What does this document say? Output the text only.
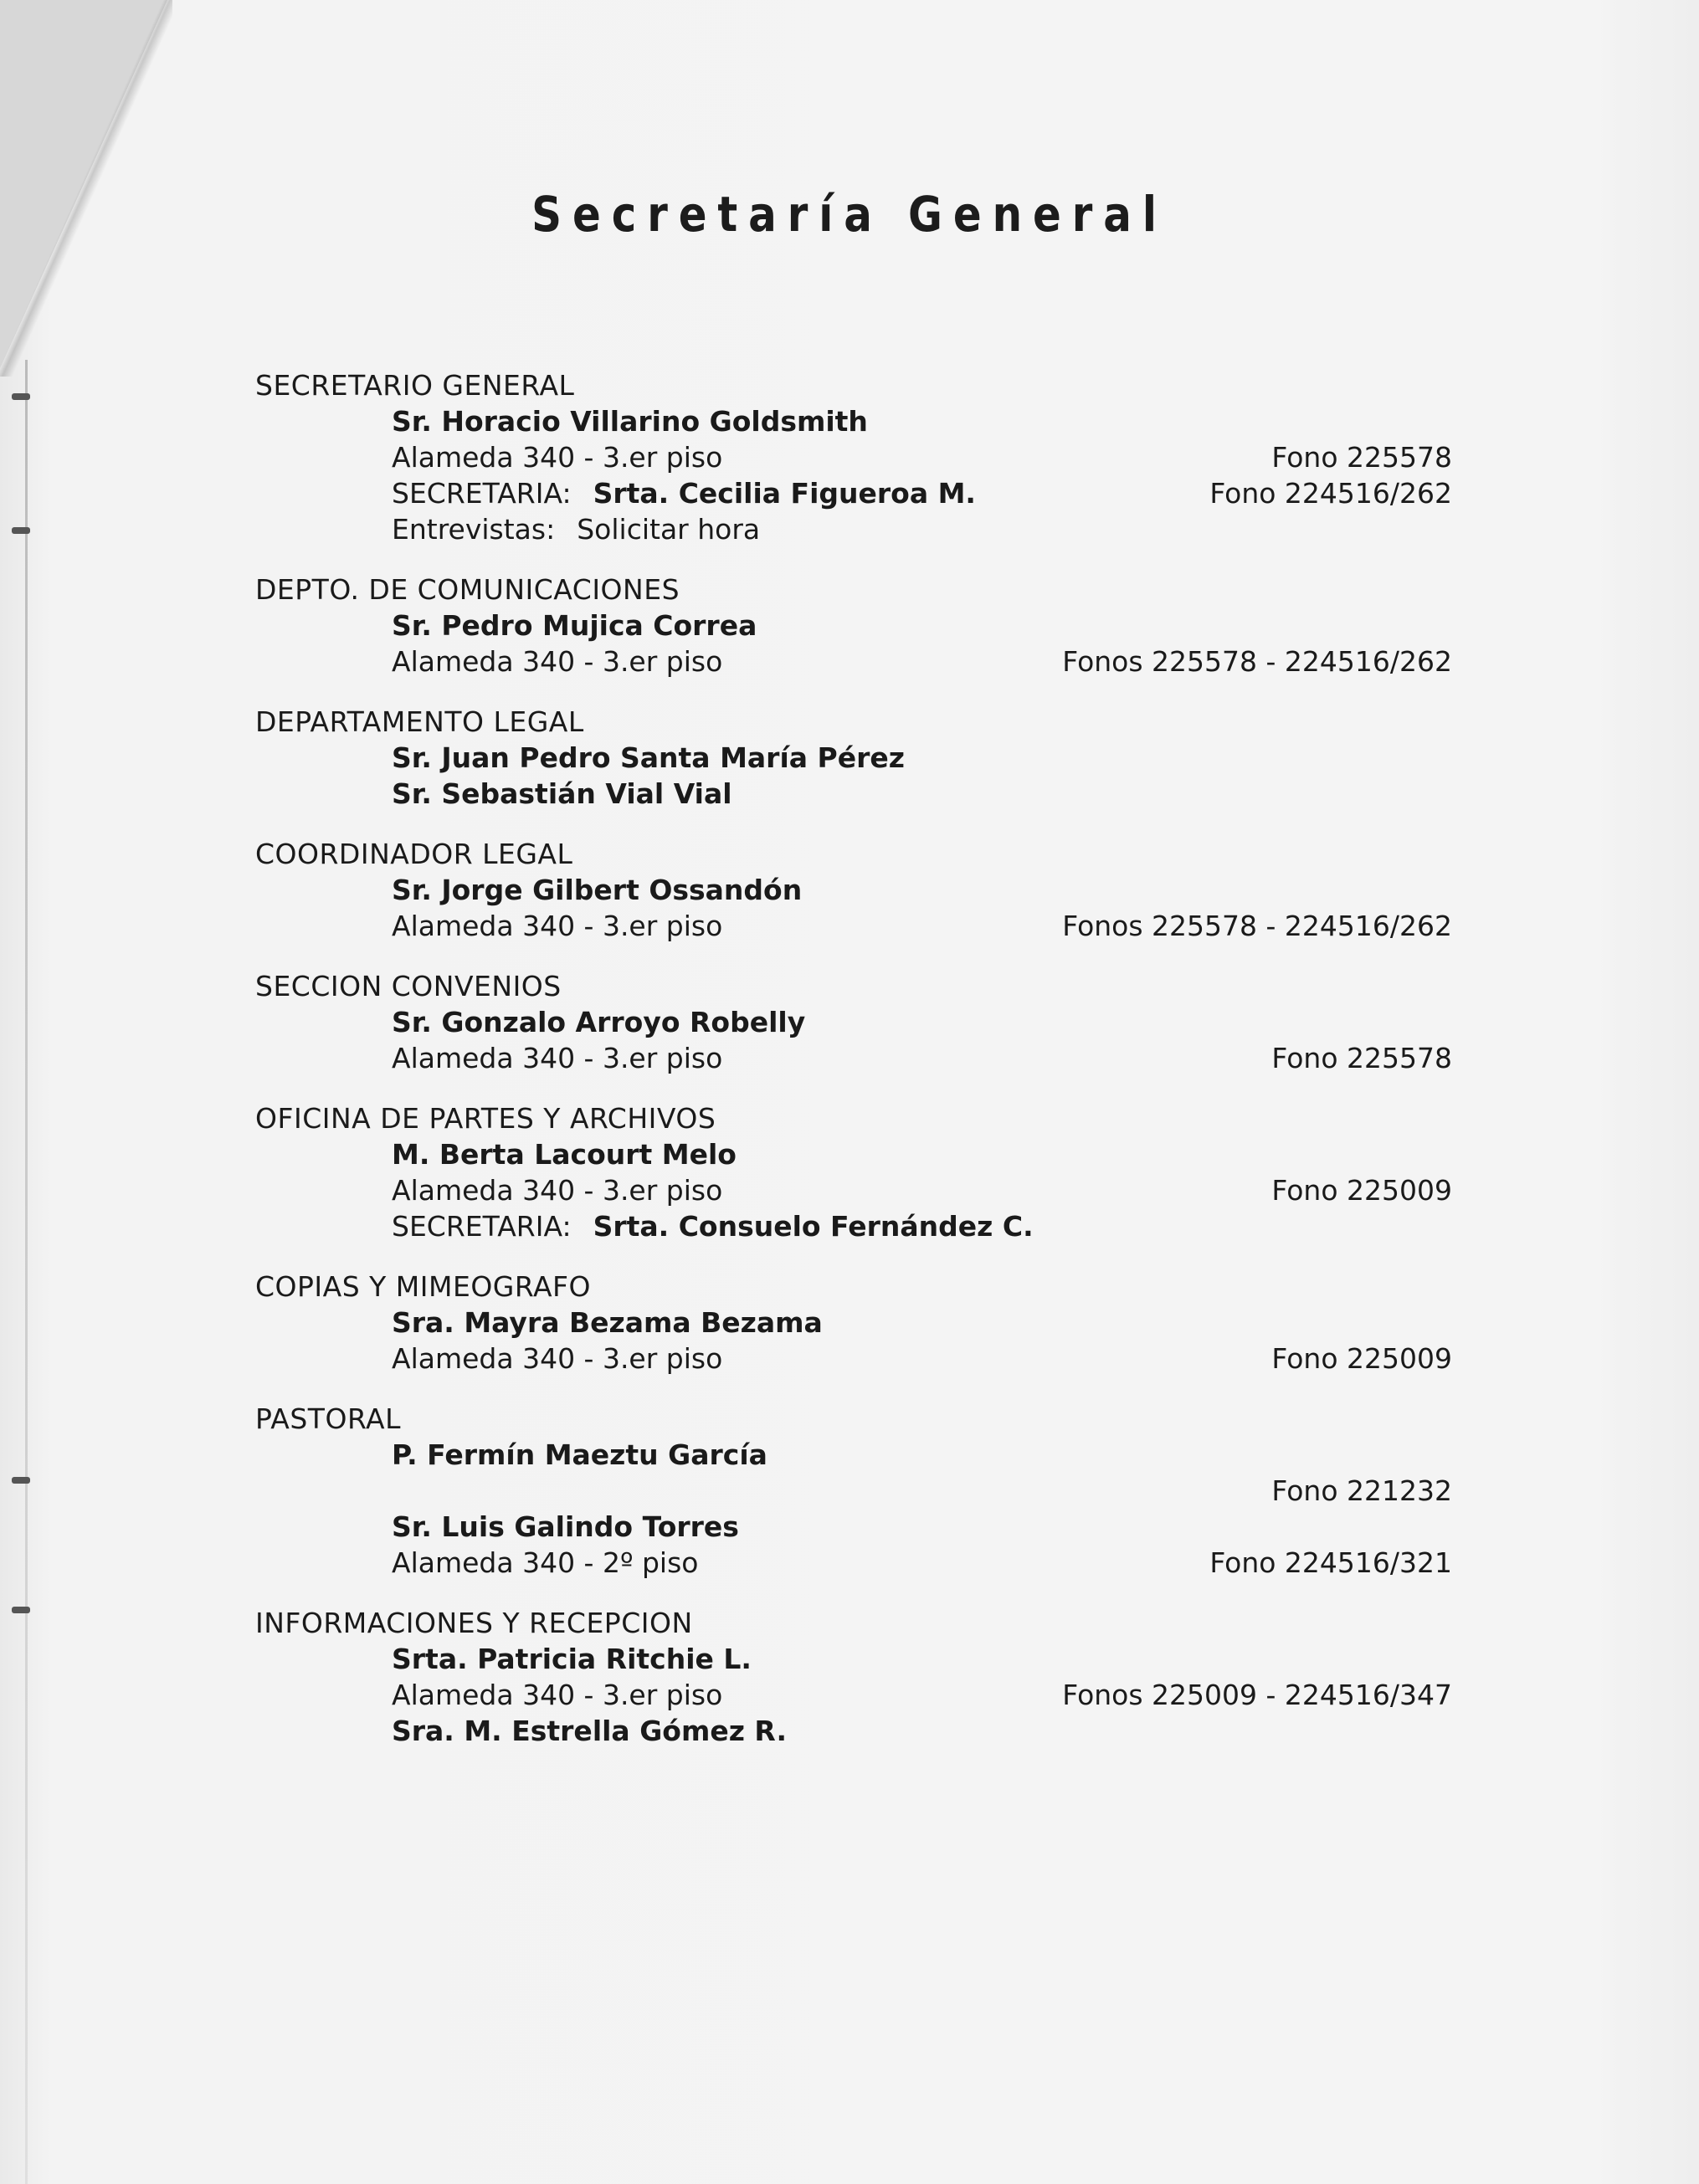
Secretaría General
SECRETARIO GENERAL
Sr. Horacio Villarino Goldsmith
Alameda 340 - 3.er piso	Fono 225578
SECRETARIA: Srta. Cecilia Figueroa M.	Fono 224516/262
Entrevistas: Solicitar hora
DEPTO. DE COMUNICACIONES
Sr. Pedro Mujica Correa
Alameda 340 - 3.er piso	Fonos 225578 - 224516/262
DEPARTAMENTO LEGAL
Sr. Juan Pedro Santa María Pérez
Sr. Sebastián Vial Vial
COORDINADOR LEGAL
Sr. Jorge Gilbert Ossandón
Alameda 340 - 3.er piso	Fonos 225578 - 224516/262
SECCION CONVENIOS
Sr. Gonzalo Arroyo Robelly
Alameda 340 - 3.er piso	Fono 225578
OFICINA DE PARTES Y ARCHIVOS
M. Berta Lacourt Melo
Alameda 340 - 3.er piso	Fono 225009
SECRETARIA: Srta. Consuelo Fernández C.
COPIAS Y MIMEOGRAFO
Sra. Mayra Bezama Bezama
Alameda 340 - 3.er piso	Fono 225009
PASTORAL
P. Fermín Maeztu García

Fono 221232
Sr. Luis Galindo Torres
Alameda 340 - 2º piso	Fono 224516/321
INFORMACIONES Y RECEPCION
Srta. Patricia Ritchie L.
Alameda 340 - 3.er piso	Fonos 225009 - 224516/347
Sra. M. Estrella Gómez R.
